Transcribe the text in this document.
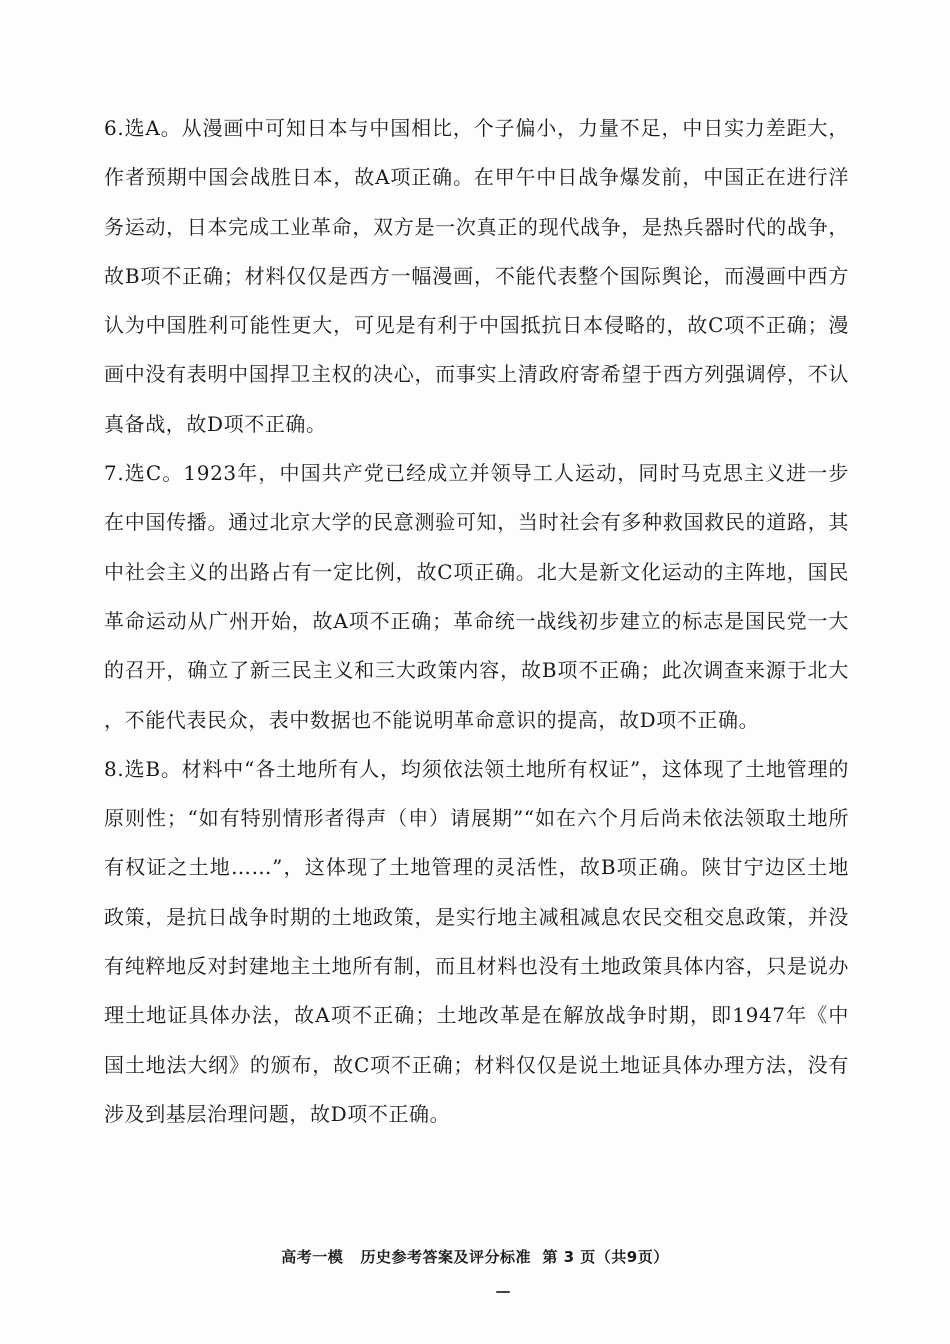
6.选A。从漫画中可知日本与中国相比，个子偏小，力量不足，中日实力差距大，作者预期中国会战胜日本，故A项正确。在甲午中日战争爆发前，中国正在进行洋务运动，日本完成工业革命，双方是一次真正的现代战争，是热兵器时代的战争，故B项不正确；材料仅仅是西方一幅漫画，不能代表整个国际舆论，而漫画中西方认为中国胜利可能性更大，可见是有利于中国抵抗日本侵略的，故C项不正确；漫画中没有表明中国捍卫主权的决心，而事实上清政府寄希望于西方列强调停，不认真备战，故D项不正确。

7.选C。1923年，中国共产党已经成立并领导工人运动，同时马克思主义进一步在中国传播。通过北京大学的民意测验可知，当时社会有多种救国救民的道路，其中社会主义的出路占有一定比例，故C项正确。北大是新文化运动的主阵地，国民革命运动从广州开始，故A项不正确；革命统一战线初步建立的标志是国民党一大的召开，确立了新三民主义和三大政策内容，故B项不正确；此次调查来源于北大，不能代表民众，表中数据也不能说明革命意识的提高，故D项不正确。

8.选B。材料中“各土地所有人，均须依法领土地所有权证”，这体现了土地管理的原则性；“如有特别情形者得声（申）请展期”“如在六个月后尚未依法领取土地所有权证之土地……”，这体现了土地管理的灵活性，故B项正确。陕甘宁边区土地政策，是抗日战争时期的土地政策，是实行地主减租减息农民交租交息政策，并没有纯粹地反对封建地主土地所有制，而且材料也没有土地政策具体内容，只是说办理土地证具体办法，故A项不正确；土地改革是在解放战争时期，即1947年《中国土地法大纲》的颁布，故C项不正确；材料仅仅是说土地证具体办理方法，没有涉及到基层治理问题，故D项不正确。

高考一模 历史参考答案及评分标准 第 3 页（共9页）
